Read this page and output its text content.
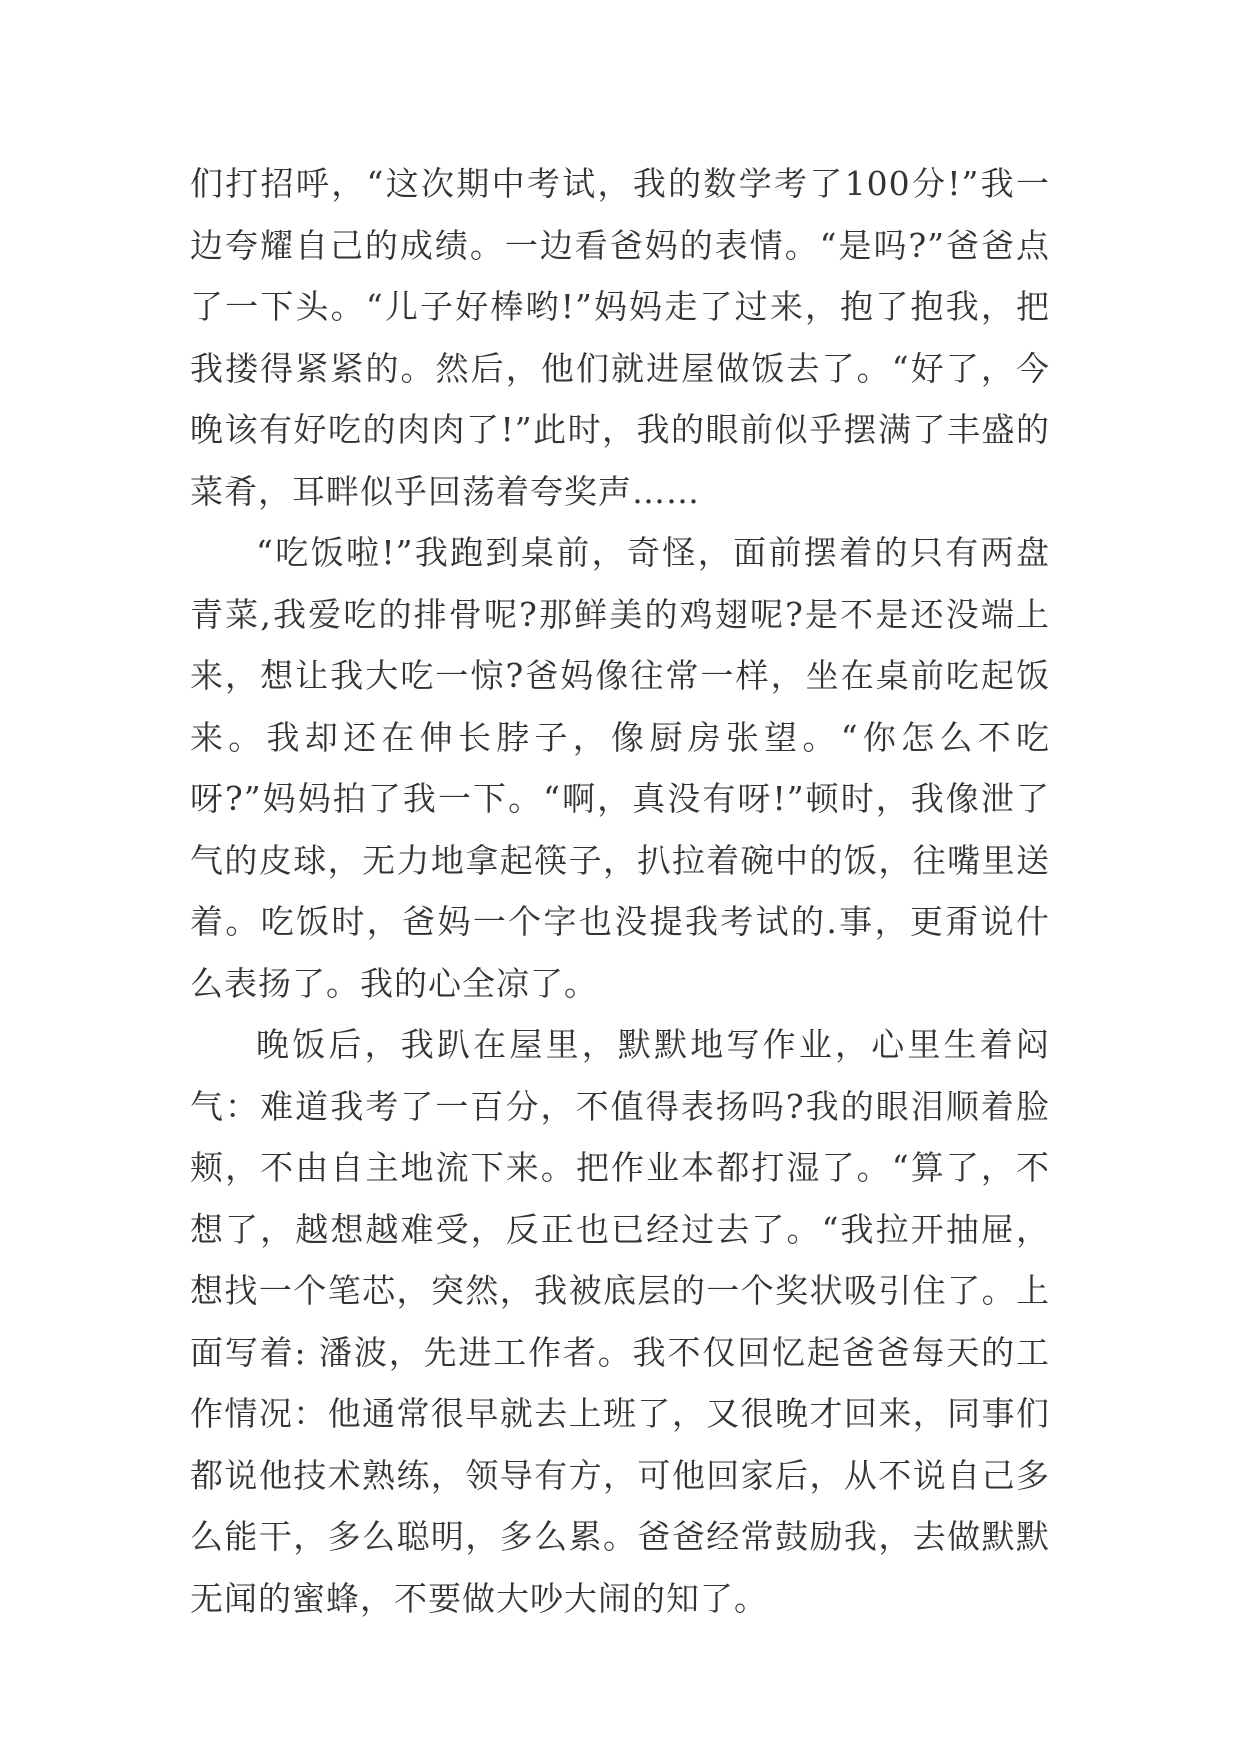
们打招呼，“这次期中考试，我的数学考了100分!”我一边夸耀自己的成绩。一边看爸妈的表情。“是吗?”爸爸点了一下头。“儿子好棒哟!”妈妈走了过来，抱了抱我，把我搂得紧紧的。然后，他们就进屋做饭去了。“好了，今晚该有好吃的肉肉了!”此时，我的眼前似乎摆满了丰盛的菜肴，耳畔似乎回荡着夸奖声……

“吃饭啦!”我跑到桌前，奇怪，面前摆着的只有两盘青菜,我爱吃的排骨呢?那鲜美的鸡翅呢?是不是还没端上来，想让我大吃一惊?爸妈像往常一样，坐在桌前吃起饭来。我却还在伸长脖子，像厨房张望。“你怎么不吃呀?”妈妈拍了我一下。“啊，真没有呀!”顿时，我像泄了气的皮球，无力地拿起筷子，扒拉着碗中的饭，往嘴里送着。吃饭时，爸妈一个字也没提我考试的.事，更甭说什么表扬了。我的心全凉了。

晚饭后，我趴在屋里，默默地写作业，心里生着闷气：难道我考了一百分，不值得表扬吗?我的眼泪顺着脸颊，不由自主地流下来。把作业本都打湿了。“算了，不想了，越想越难受，反正也已经过去了。“我拉开抽屉，想找一个笔芯，突然，我被底层的一个奖状吸引住了。上面写着: 潘波，先进工作者。我不仅回忆起爸爸每天的工作情况：他通常很早就去上班了，又很晚才回来，同事们都说他技术熟练，领导有方，可他回家后，从不说自己多么能干，多么聪明，多么累。爸爸经常鼓励我，去做默默无闻的蜜蜂，不要做大吵大闹的知了。
